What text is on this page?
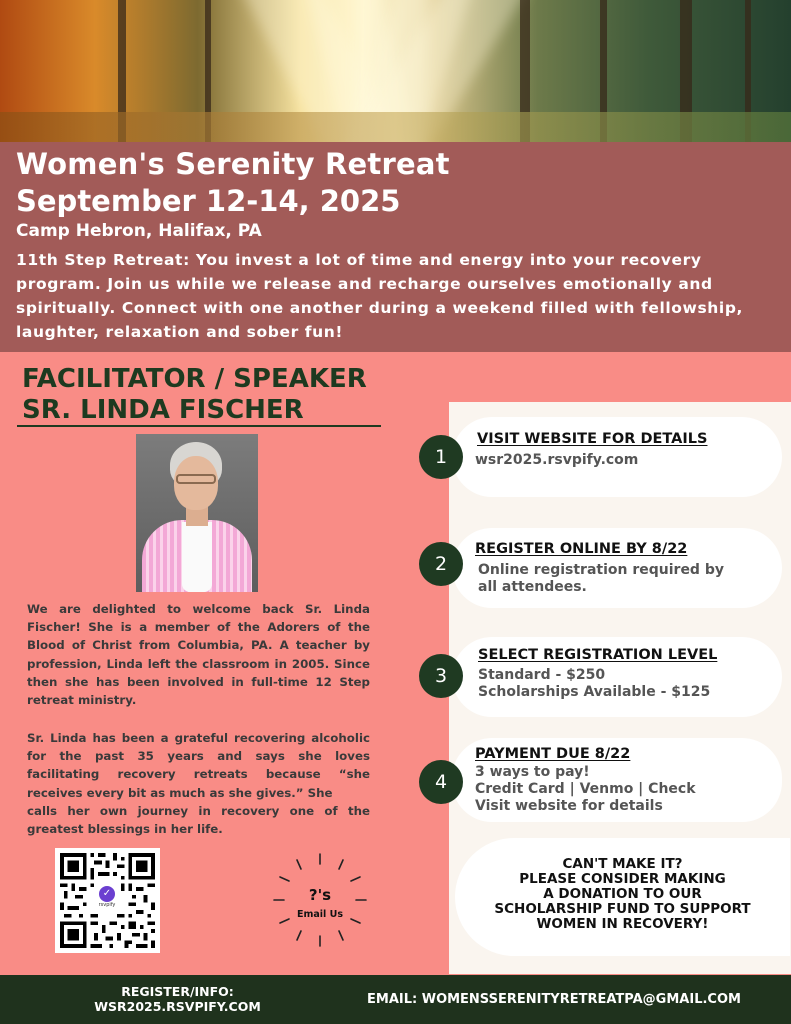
Women's Serenity Retreat
September 12-14, 2025
Camp Hebron, Halifax, PA
11th Step Retreat: You invest a lot of time and energy into your recovery program. Join us while we release and recharge ourselves emotionally and spiritually. Connect with one another during a weekend filled with fellowship, laughter, relaxation and sober fun!
FACILITATOR / SPEAKER
SR. LINDA FISCHER
We are delighted to welcome back Sr. Linda Fischer! She is a member of the Adorers of the Blood of Christ from Columbia, PA. A teacher by profession, Linda left the classroom in 2005. Since then she has been involved in full-time 12 Step retreat ministry.
Sr. Linda has been a grateful recovering alcoholic for the past 35 years and says she loves facilitating recovery retreats because “she receives every bit as much as she gives.” She
calls her own journey in recovery one of the greatest blessings in her life.
✓
rsvpify
?'s
Email Us
1
VISIT WEBSITE FOR DETAILS
wsr2025.rsvpify.com
2
REGISTER ONLINE BY 8/22
Online registration required by
all attendees.
3
SELECT REGISTRATION LEVEL
Standard - $250
Scholarships Available - $125
4
PAYMENT DUE 8/22
3 ways to pay!
Credit Card | Venmo | Check
Visit website for details
CAN'T MAKE IT?
PLEASE CONSIDER MAKING
A DONATION TO OUR
SCHOLARSHIP FUND TO SUPPORT
WOMEN IN RECOVERY!
REGISTER/INFO:
WSR2025.RSVPIFY.COM	EMAIL: WOMENSSERENITYRETREATPA@GMAIL.COM
